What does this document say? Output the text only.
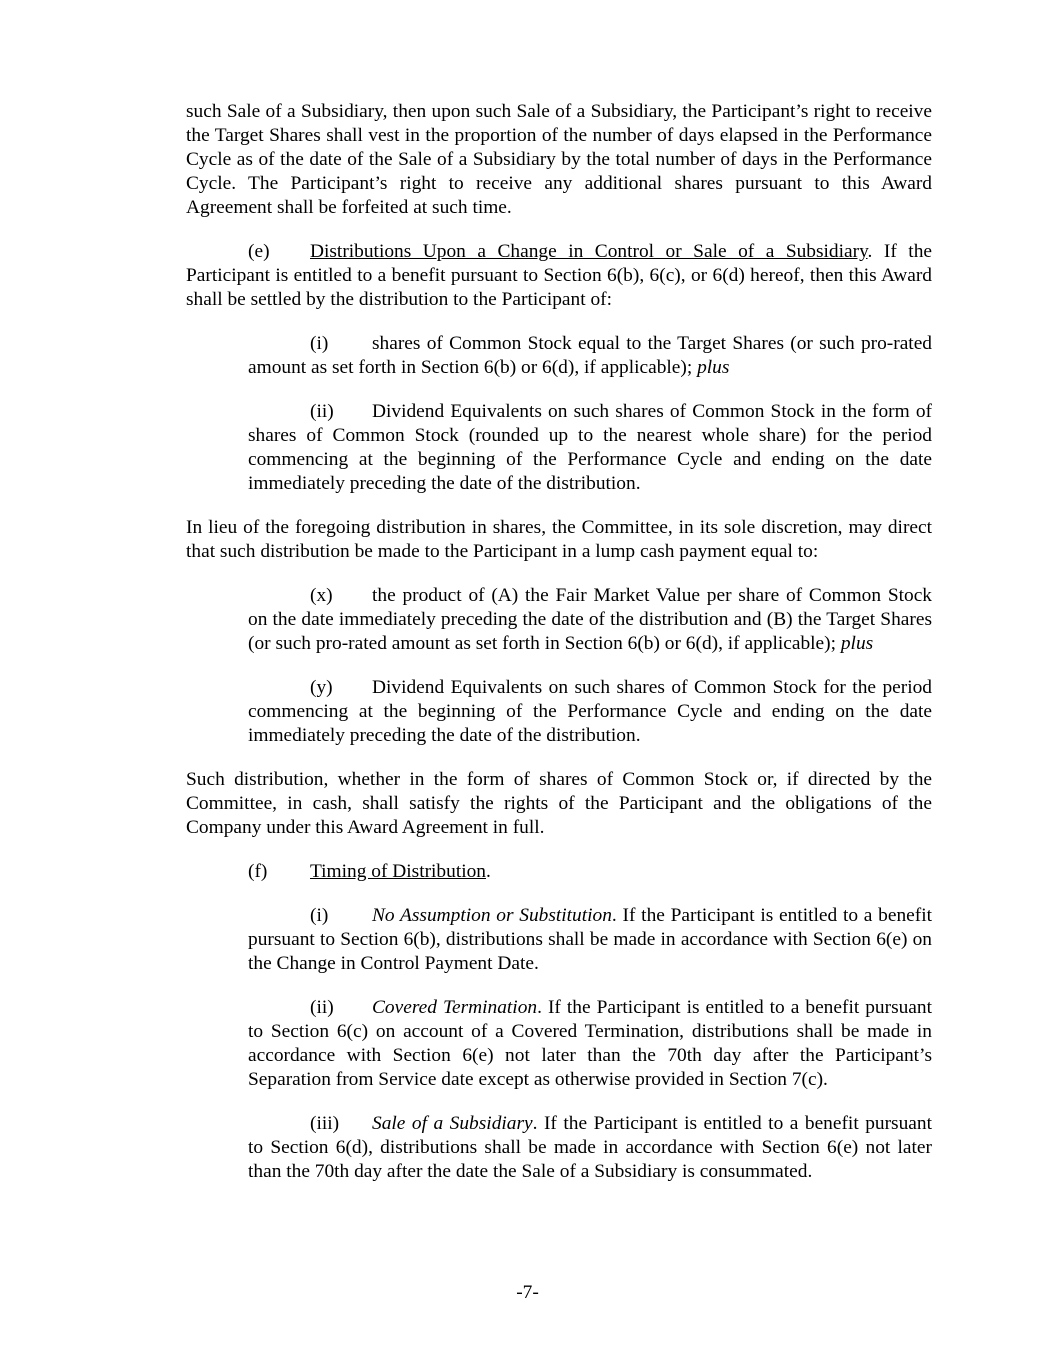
such Sale of a Subsidiary, then upon such Sale of a Subsidiary, the Participant’s right to receive the Target Shares shall vest in the proportion of the number of days elapsed in the Performance Cycle as of the date of the Sale of a Subsidiary by the total number of days in the Performance Cycle. The Participant’s right to receive any additional shares pursuant to this Award Agreement shall be forfeited at such time.

(e) Distributions Upon a Change in Control or Sale of a Subsidiary. If the Participant is entitled to a benefit pursuant to Section 6(b), 6(c), or 6(d) hereof, then this Award shall be settled by the distribution to the Participant of:

(i) shares of Common Stock equal to the Target Shares (or such pro-rated amount as set forth in Section 6(b) or 6(d), if applicable); plus

(ii) Dividend Equivalents on such shares of Common Stock in the form of shares of Common Stock (rounded up to the nearest whole share) for the period commencing at the beginning of the Performance Cycle and ending on the date immediately preceding the date of the distribution.

In lieu of the foregoing distribution in shares, the Committee, in its sole discretion, may direct that such distribution be made to the Participant in a lump cash payment equal to:

(x) the product of (A) the Fair Market Value per share of Common Stock on the date immediately preceding the date of the distribution and (B) the Target Shares (or such pro-rated amount as set forth in Section 6(b) or 6(d), if applicable); plus

(y) Dividend Equivalents on such shares of Common Stock for the period commencing at the beginning of the Performance Cycle and ending on the date immediately preceding the date of the distribution.

Such distribution, whether in the form of shares of Common Stock or, if directed by the Committee, in cash, shall satisfy the rights of the Participant and the obligations of the Company under this Award Agreement in full.

(f) Timing of Distribution.

(i) No Assumption or Substitution. If the Participant is entitled to a benefit pursuant to Section 6(b), distributions shall be made in accordance with Section 6(e) on the Change in Control Payment Date.

(ii) Covered Termination. If the Participant is entitled to a benefit pursuant to Section 6(c) on account of a Covered Termination, distributions shall be made in accordance with Section 6(e) not later than the 70th day after the Participant’s Separation from Service date except as otherwise provided in Section 7(c).

(iii) Sale of a Subsidiary. If the Participant is entitled to a benefit pursuant to Section 6(d), distributions shall be made in accordance with Section 6(e) not later than the 70th day after the date the Sale of a Subsidiary is consummated.

-7-
